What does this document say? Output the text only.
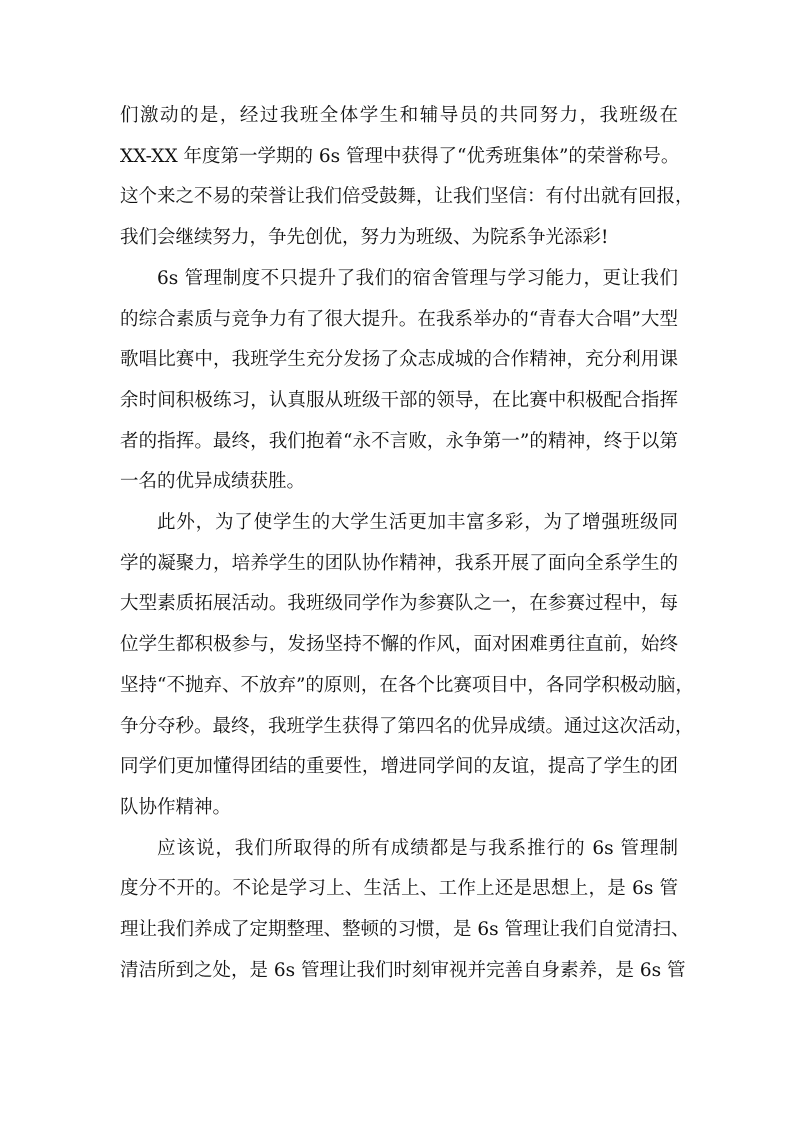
们激动的是，经过我班全体学生和辅导员的共同努力，我班级在
XX-XX 年度第一学期的 6s 管理中获得了“优秀班集体”的荣誉称号。
这个来之不易的荣誉让我们倍受鼓舞，让我们坚信：有付出就有回报，
我们会继续努力，争先创优，努力为班级、为院系争光添彩!

6s 管理制度不只提升了我们的宿舍管理与学习能力，更让我们
的综合素质与竞争力有了很大提升。在我系举办的“青春大合唱”大型
歌唱比赛中，我班学生充分发扬了众志成城的合作精神，充分利用课
余时间积极练习，认真服从班级干部的领导，在比赛中积极配合指挥
者的指挥。最终，我们抱着“永不言败，永争第一”的精神，终于以第
一名的优异成绩获胜。

此外，为了使学生的大学生活更加丰富多彩，为了增强班级同
学的凝聚力，培养学生的团队协作精神，我系开展了面向全系学生的
大型素质拓展活动。我班级同学作为参赛队之一，在参赛过程中，每
位学生都积极参与，发扬坚持不懈的作风，面对困难勇往直前，始终
坚持“不抛弃、不放弃”的原则，在各个比赛项目中，各同学积极动脑，
争分夺秒。最终，我班学生获得了第四名的优异成绩。通过这次活动，
同学们更加懂得团结的重要性，增进同学间的友谊，提高了学生的团
队协作精神。

应该说，我们所取得的所有成绩都是与我系推行的 6s 管理制
度分不开的。不论是学习上、生活上、工作上还是思想上，是 6s 管
理让我们养成了定期整理、整顿的习惯，是 6s 管理让我们自觉清扫、
清洁所到之处，是 6s 管理让我们时刻审视并完善自身素养，是 6s 管
